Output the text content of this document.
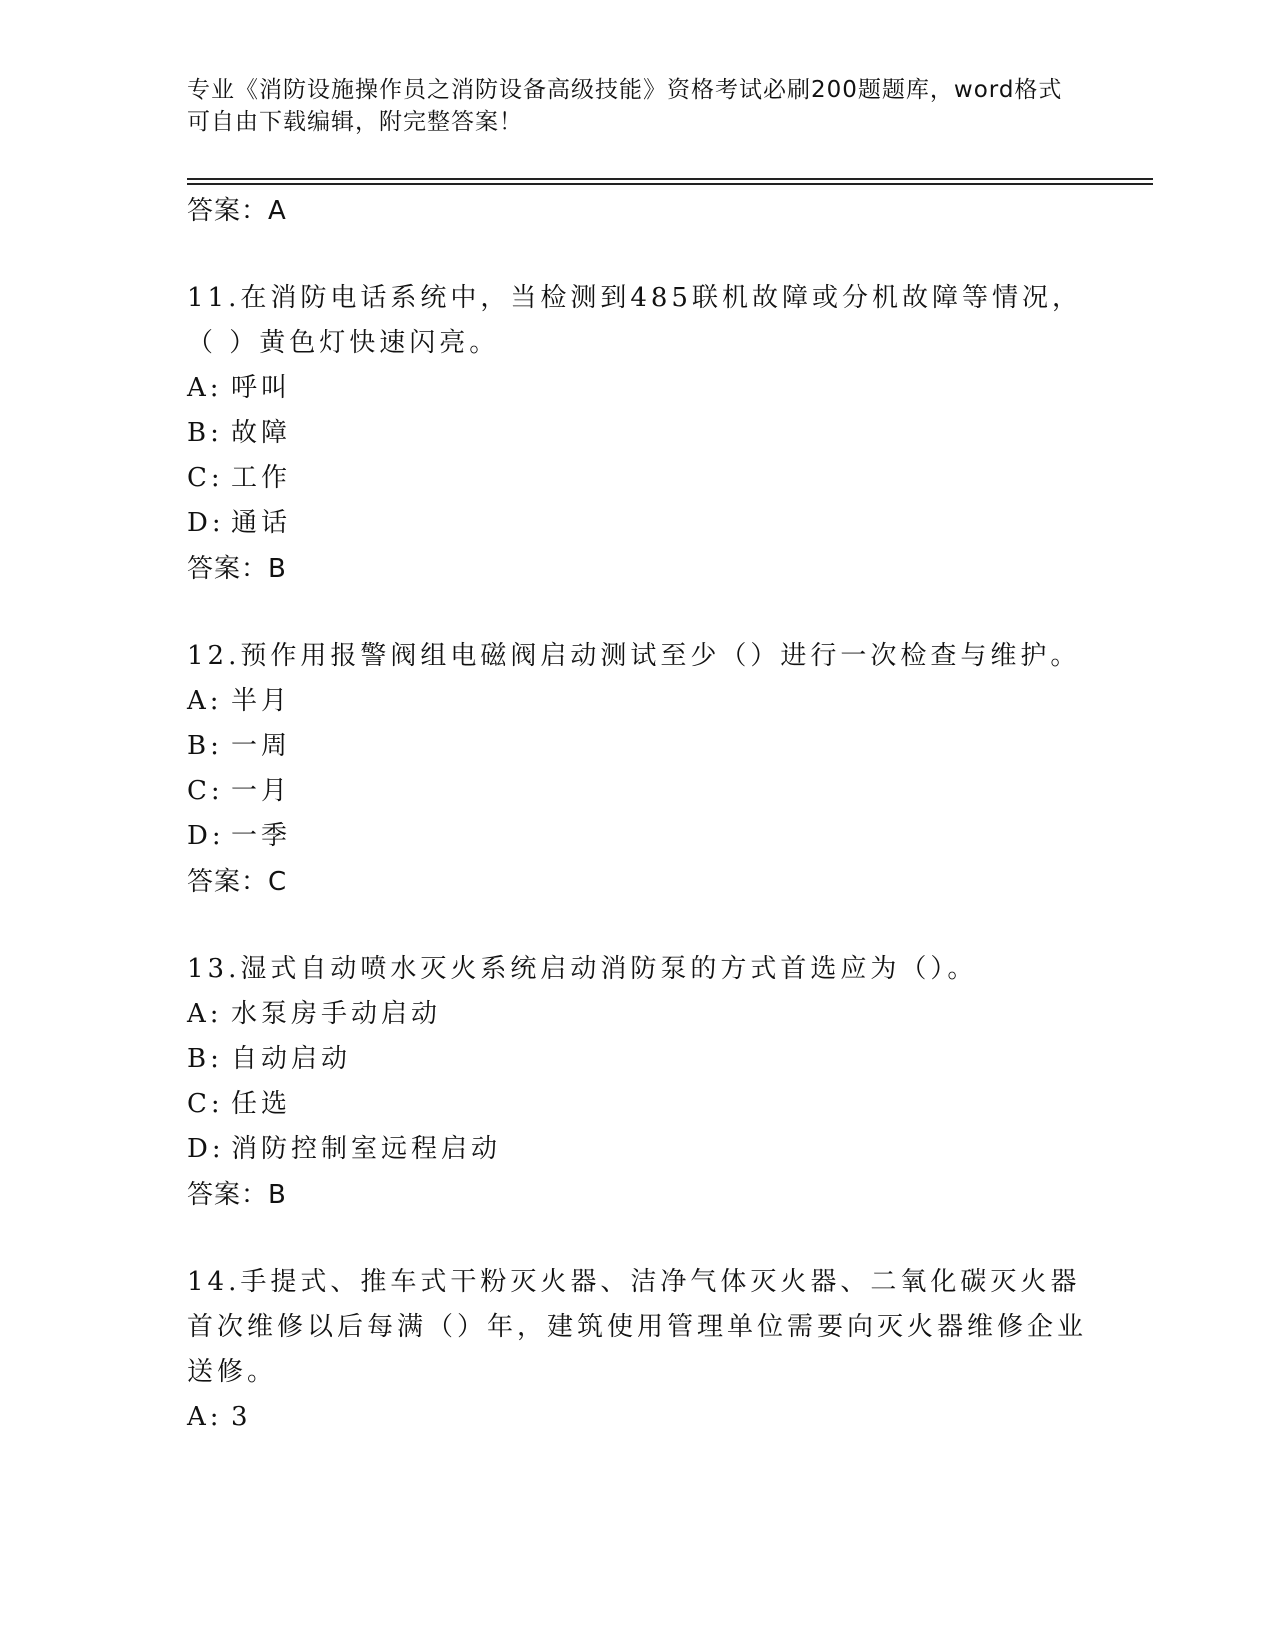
专业《消防设施操作员之消防设备高级技能》资格考试必刷200题题库，word格式可自由下载编辑，附完整答案！
答案：A
11.在消防电话系统中，当检测到485联机故障或分机故障等情况，（ ）黄色灯快速闪亮。
A: 呼叫
B: 故障
C: 工作
D: 通话
答案：B
12.预作用报警阀组电磁阀启动测试至少（）进行一次检查与维护。
A: 半月
B: 一周
C: 一月
D: 一季
答案：C
13.湿式自动喷水灭火系统启动消防泵的方式首选应为（）。
A: 水泵房手动启动
B: 自动启动
C: 任选
D: 消防控制室远程启动
答案：B
14.手提式、推车式干粉灭火器、洁净气体灭火器、二氧化碳灭火器首次维修以后每满（）年，建筑使用管理单位需要向灭火器维修企业送修。
A: 3
